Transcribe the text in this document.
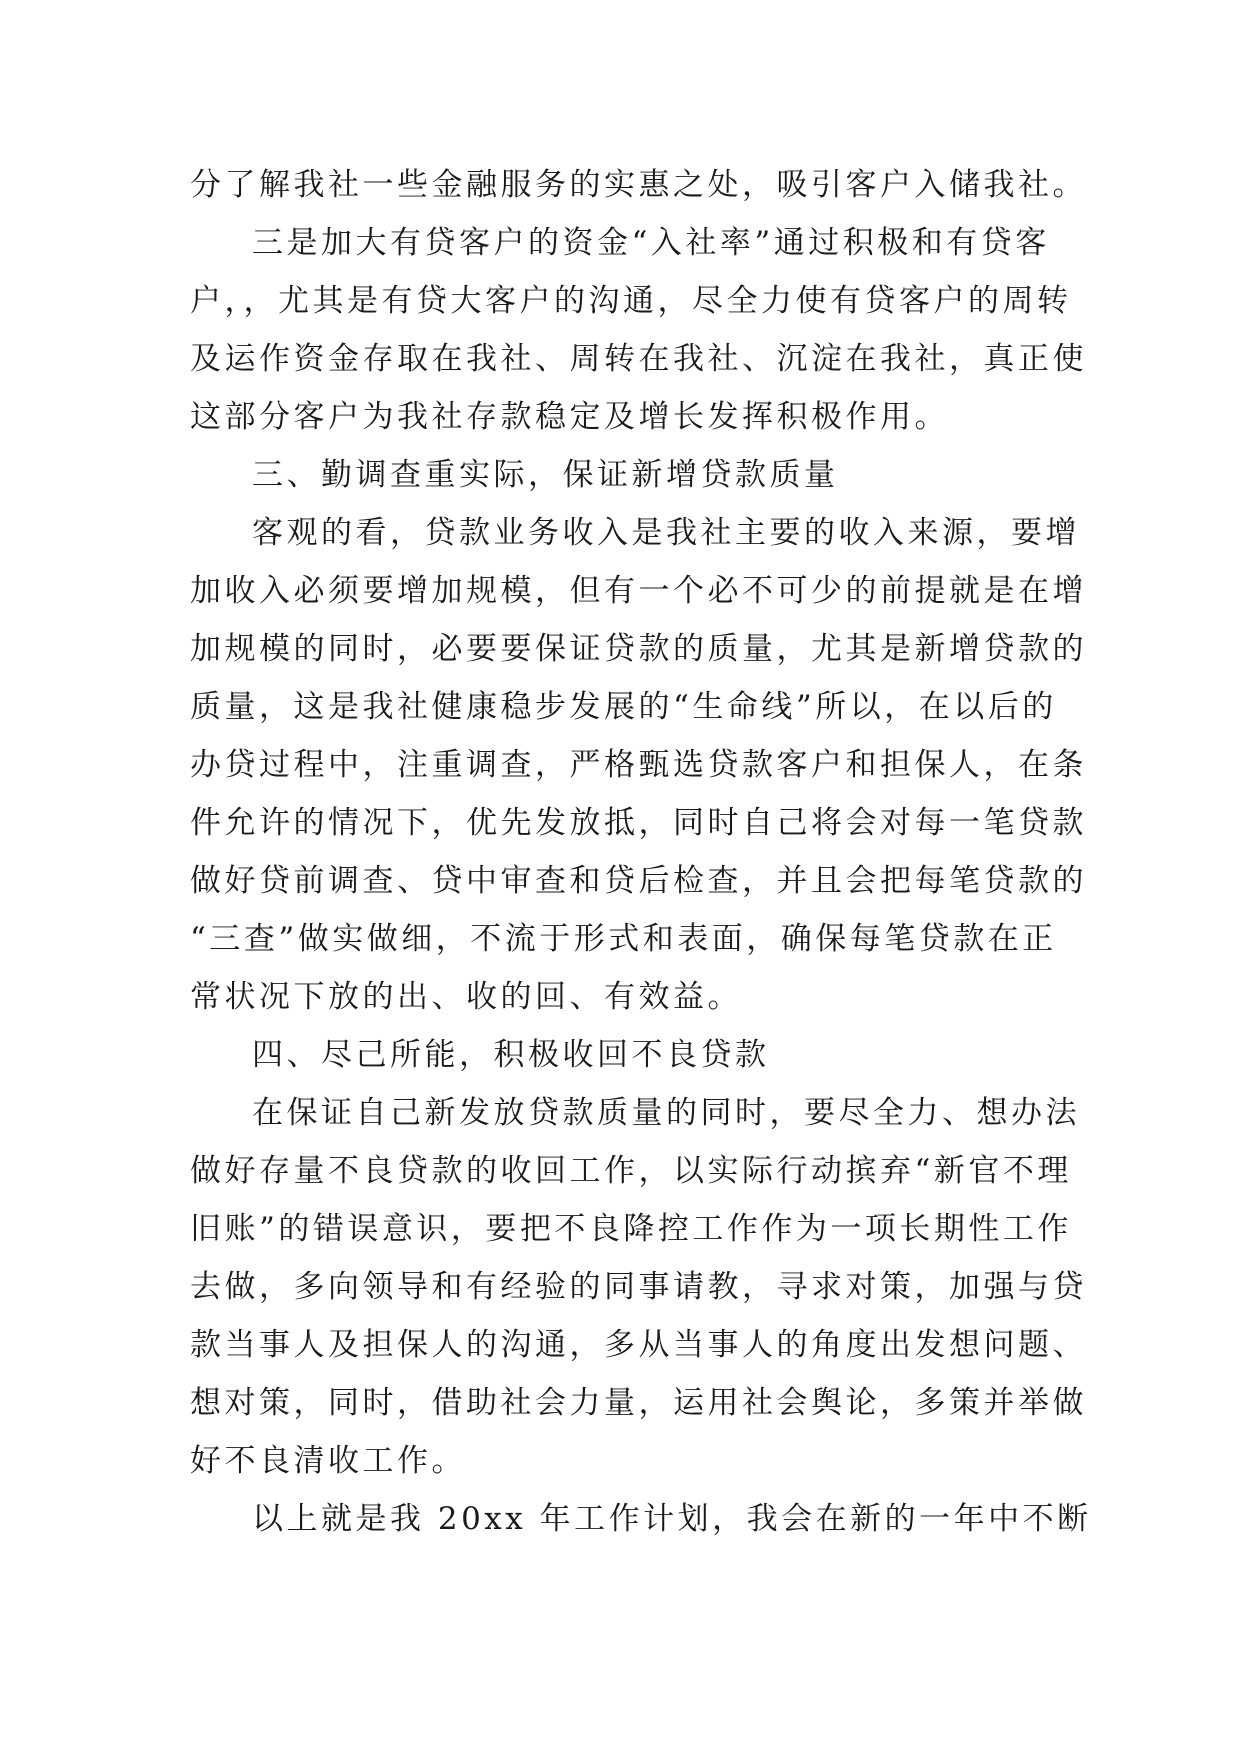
分了解我社一些金融服务的实惠之处，吸引客户入储我社。
三是加大有贷客户的资金“入社率”通过积极和有贷客
户，，尤其是有贷大客户的沟通，尽全力使有贷客户的周转
及运作资金存取在我社、周转在我社、沉淀在我社，真正使
这部分客户为我社存款稳定及增长发挥积极作用。
三、勤调查重实际，保证新增贷款质量
客观的看，贷款业务收入是我社主要的收入来源，要增
加收入必须要增加规模，但有一个必不可少的前提就是在增
加规模的同时，必要要保证贷款的质量，尤其是新增贷款的
质量，这是我社健康稳步发展的“生命线”所以，在以后的
办贷过程中，注重调查，严格甄选贷款客户和担保人，在条
件允许的情况下，优先发放抵，同时自己将会对每一笔贷款
做好贷前调查、贷中审查和贷后检查，并且会把每笔贷款的
“三查”做实做细，不流于形式和表面，确保每笔贷款在正
常状况下放的出、收的回、有效益。
四、尽己所能，积极收回不良贷款
在保证自己新发放贷款质量的同时，要尽全力、想办法
做好存量不良贷款的收回工作，以实际行动摈弃“新官不理
旧账”的错误意识，要把不良降控工作作为一项长期性工作
去做，多向领导和有经验的同事请教，寻求对策，加强与贷
款当事人及担保人的沟通，多从当事人的角度出发想问题、
想对策，同时，借助社会力量，运用社会舆论，多策并举做
好不良清收工作。
以上就是我 20xx 年工作计划，我会在新的一年中不断
